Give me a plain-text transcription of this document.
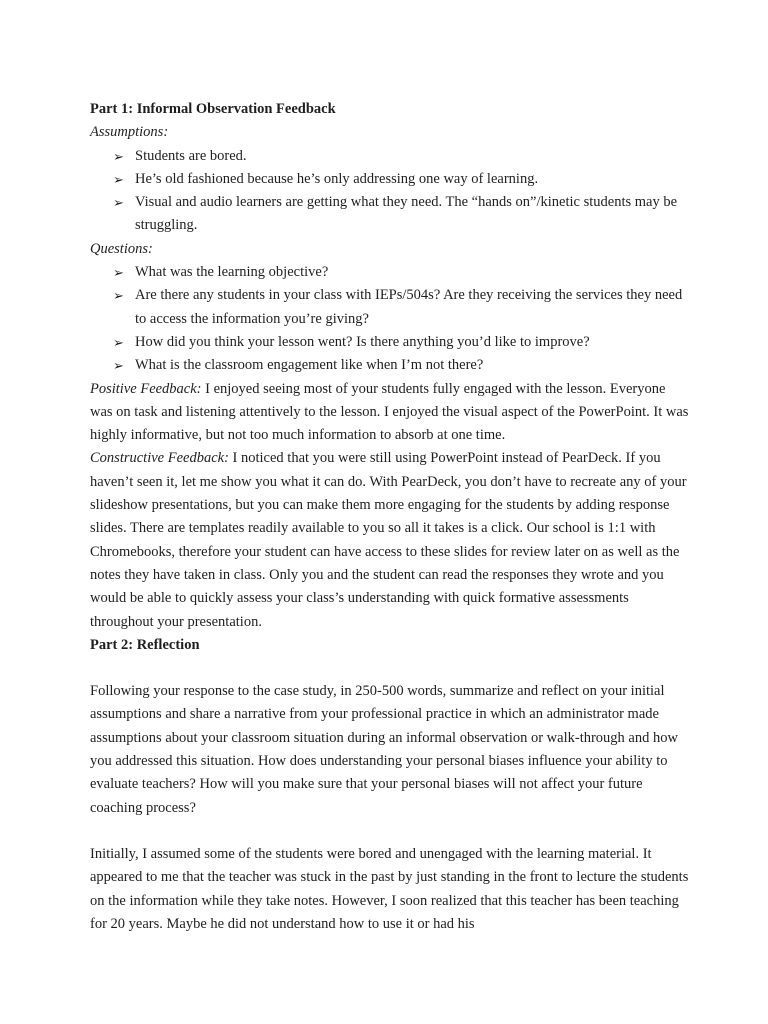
Part 1: Informal Observation Feedback
Assumptions:
➢ Students are bored.
➢ He’s old fashioned because he’s only addressing one way of learning.
➢ Visual and audio learners are getting what they need. The “hands on”/kinetic students may be struggling.
Questions:
➢ What was the learning objective?
➢ Are there any students in your class with IEPs/504s? Are they receiving the services they need to access the information you’re giving?
➢ How did you think your lesson went? Is there anything you’d like to improve?
➢ What is the classroom engagement like when I’m not there?

Positive Feedback: I enjoyed seeing most of your students fully engaged with the lesson. Everyone was on task and listening attentively to the lesson. I enjoyed the visual aspect of the PowerPoint. It was highly informative, but not too much information to absorb at one time.

Constructive Feedback: I noticed that you were still using PowerPoint instead of PearDeck. If you haven’t seen it, let me show you what it can do. With PearDeck, you don’t have to recreate any of your slideshow presentations, but you can make them more engaging for the students by adding response slides. There are templates readily available to you so all it takes is a click. Our school is 1:1 with Chromebooks, therefore your student can have access to these slides for review later on as well as the notes they have taken in class. Only you and the student can read the responses they wrote and you would be able to quickly assess your class’s understanding with quick formative assessments throughout your presentation.

Part 2: Reflection

Following your response to the case study, in 250-500 words, summarize and reflect on your initial assumptions and share a narrative from your professional practice in which an administrator made assumptions about your classroom situation during an informal observation or walk-through and how you addressed this situation. How does understanding your personal biases influence your ability to evaluate teachers? How will you make sure that your personal biases will not affect your future coaching process?

Initially, I assumed some of the students were bored and unengaged with the learning material. It appeared to me that the teacher was stuck in the past by just standing in the front to lecture the students on the information while they take notes. However, I soon realized that this teacher has been teaching for 20 years. Maybe he did not understand how to use it or had his
